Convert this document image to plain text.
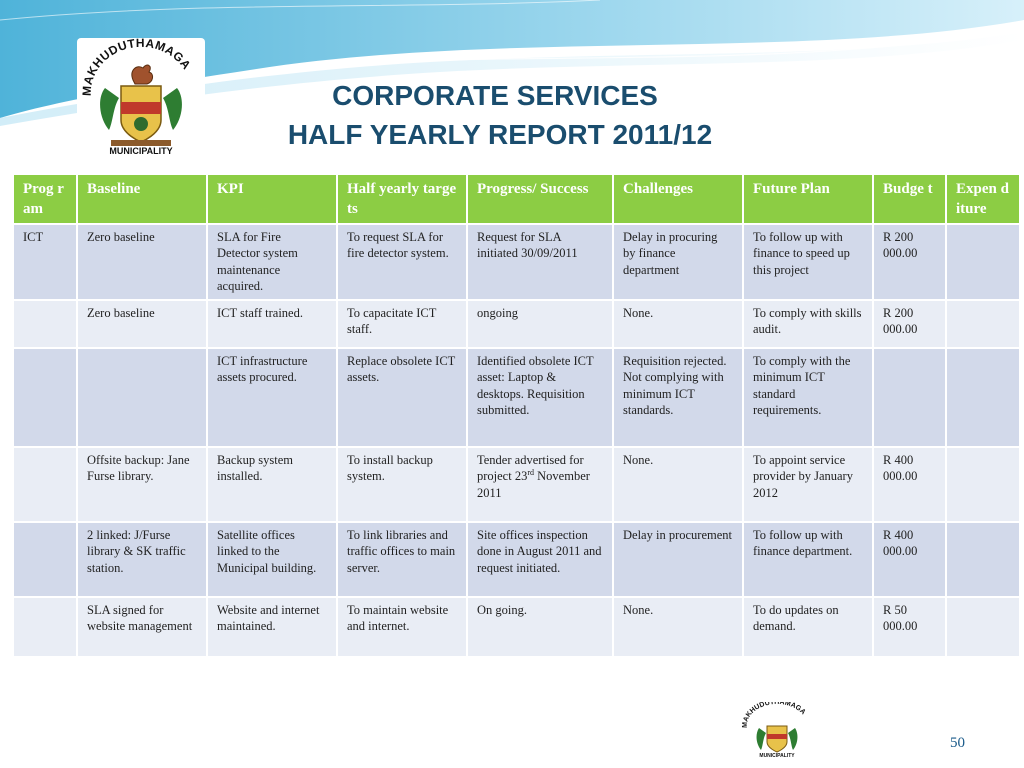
MAKHUDUTHAMAGA
MUNICIPALITY
CORPORATE SERVICES
HALF YEARLY REPORT 2011/12
Prog ram	Baseline	KPI	Half yearly targets	Progress/ Success	Challenges	Future Plan	Budge t	Expen diture
ICT	Zero baseline	SLA for Fire Detector system maintenance acquired.	To request SLA for fire detector system.	Request for SLA initiated 30/09/2011	Delay in procuring by finance department	To follow up with finance to speed up this project	R 200 000.00	
	Zero baseline	ICT staff trained.	To capacitate ICT staff.	ongoing	None.	To comply with skills audit.	R 200 000.00	
		ICT infrastructure assets procured.	Replace obsolete ICT assets.	Identified obsolete ICT asset: Laptop & desktops. Requisition submitted.	Requisition rejected. Not complying with minimum ICT standards.	To comply with the minimum ICT standard requirements.		
	Offsite backup: Jane Furse library.	Backup system installed.	To install backup system.	Tender advertised for project 23rd November 2011	None.	To appoint service provider by January 2012	R 400 000.00	
	2 linked: J/Furse library & SK traffic station.	Satellite offices linked to the Municipal building.	To link libraries and traffic offices to main server.	Site offices inspection done in August 2011 and request initiated.	Delay in procurement	To follow up with finance department.	R 400 000.00	
	SLA signed for website management	Website and internet maintained.	To maintain website and internet.	On going.	None.	To do updates on demand.	R 50 000.00	
MAKHUDUTHAMAGA
MUNICIPALITY
50
